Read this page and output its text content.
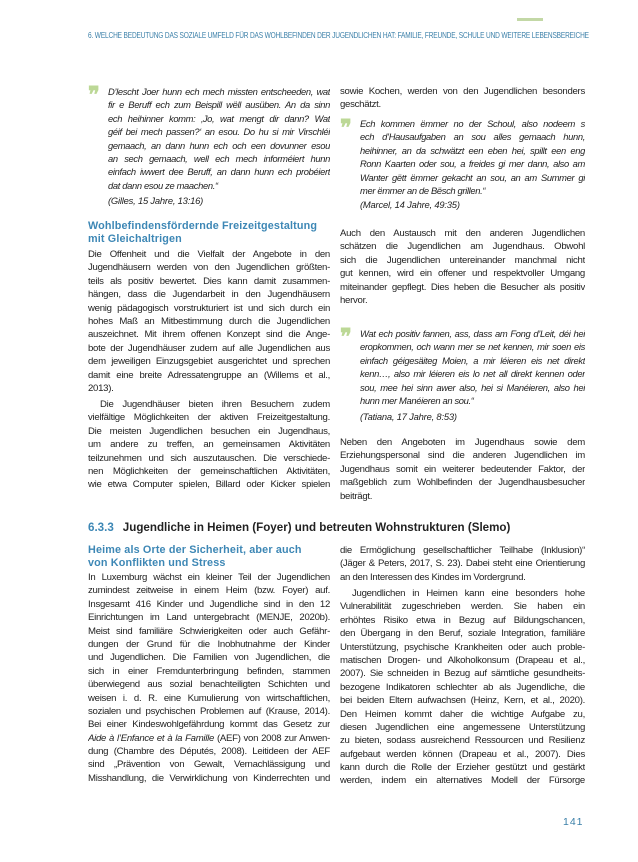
6. WELCHE BEDEUTUNG DAS SOZIALE UMFELD FÜR DAS WOHLBEFINDEN DER JUGENDLICHEN HAT: FAMILIE, FREUNDE, SCHULE UND WEITERE LEBENSBEREICHE
❞ D’lescht Joer hunn ech mech missten entscheeden, wat
fir e Beruff ech zum Beispill wëll ausüben. An da sinn
ech heihinner komm: ‚Jo, wat mengt dir dann? Wat
géif bei mech passen?‘ an esou. Do hu si mir Virschléi
gemaach, an dann hunn ech och een dovunner esou
an sech gemaach, well ech mech informéiert hunn
einfach iwwert dee Beruff, an dann hunn ech probéiert
dat dann esou ze maachen.“
(Gilles, 15 Jahre, 13:16)
Wohlbefindensfördernde Freizeitgestaltung
mit Gleichaltrigen
Die Offenheit und die Vielfalt der Angebote in den
Jugendhäusern werden von den Jugendlichen größten-
teils als positiv bewertet. Dies kann damit zusammen-
hängen, dass die Jugendarbeit in den Jugendhäusern
wenig pädagogisch vorstrukturiert ist und sich durch ein
hohes Maß an Mitbestimmung durch die Jugendlichen
auszeichnet. Mit ihrem offenen Konzept sind die Ange-
bote der Jugendhäuser zudem auf alle Jugendlichen aus
dem jeweiligen Einzugsgebiet ausgerichtet und sprechen
damit eine breite Adressatengruppe an (Willems et al.,
2013).
Die Jugendhäuser bieten ihren Besuchern zudem
vielfältige Möglichkeiten der aktiven Freizeitgestaltung.
Die meisten Jugendlichen besuchen ein Jugendhaus,
um andere zu treffen, an gemeinsamen Aktivitäten
teilzunehmen und sich auszutauschen. Die verschiede-
nen Möglichkeiten der gemeinschaftlichen Aktivitäten,
wie etwa Computer spielen, Billard oder Kicker spielen
sowie Kochen, werden von den Jugendlichen besonders
geschätzt.
❞ Ech kommen ëmmer no der Schoul, also nodeem s
ech d’Hausaufgaben an sou alles gemaach hunn,
heihinner, an da schwätzt een eben hei, spillt een eng
Ronn Kaarten oder sou, a freides gi mer dann, also am
Wanter gëtt ëmmer gekacht an sou, an am Summer gi
mer ëmmer an de Bësch grillen.“
(Marcel, 14 Jahre, 49:35)
Auch den Austausch mit den anderen Jugendlichen
schätzen die Jugendlichen am Jugendhaus. Obwohl
sich die Jugendlichen untereinander manchmal nicht
gut kennen, wird ein offener und respektvoller Umgang
miteinander gepflegt. Dies heben die Besucher als positiv
hervor.
❞ Wat ech positiv fannen, ass, dass am Fong d’Leit, déi hei
eropkommen, och wann mer se net kennen, mir soen eis
einfach géigesäiteg Moien, a mir léieren eis net direkt
kenn…, also mir léieren eis lo net all direkt kennen oder
sou, mee hei sinn awer also, hei si Manéieren, also hei
hunn mer Manéieren an sou.“
(Tatiana, 17 Jahre, 8:53)
Neben den Angeboten im Jugendhaus sowie dem
Erziehungspersonal sind die anderen Jugendlichen im
Jugendhaus somit ein weiterer bedeutender Faktor, der
maßgeblich zum Wohlbefinden der Jugendhausbesucher
beiträgt.
6.3.3 Jugendliche in Heimen (Foyer) und betreuten Wohnstrukturen (Slemo)
Heime als Orte der Sicherheit, aber auch
von Konflikten und Stress
In Luxemburg wächst ein kleiner Teil der Jugendlichen
zumindest zeitweise in einem Heim (bzw. Foyer) auf.
Insgesamt 416 Kinder und Jugendliche sind in den 12
Einrichtungen im Land untergebracht (MENJE, 2020b).
Meist sind familiäre Schwierigkeiten oder auch Gefähr-
dungen der Grund für die Inobhutnahme der Kinder
und Jugendlichen. Die Familien von Jugendlichen, die
sich in einer Fremdunterbringung befinden, stammen
überwiegend aus sozial benachteiligten Schichten und
weisen i. d. R. eine Kumulierung von wirtschaftlichen,
sozialen und psychischen Problemen auf (Krause, 2014).
Bei einer Kindeswohlgefährdung kommt das Gesetz zur
Aide à l’Enfance et à la Famille (AEF) von 2008 zur Anwen-
dung (Chambre des Députés, 2008). Leitideen der AEF
sind „Prävention von Gewalt, Vernachlässigung und
Misshandlung, die Verwirklichung von Kinderrechten und
die Ermöglichung gesellschaftlicher Teilhabe (Inklusion)“
(Jäger & Peters, 2017, S. 23). Dabei steht eine Orientierung
an den Interessen des Kindes im Vordergrund.
Jugendlichen in Heimen kann eine besonders hohe
Vulnerabilität zugeschrieben werden. Sie haben ein
erhöhtes Risiko etwa in Bezug auf Bildungschancen,
den Übergang in den Beruf, soziale Integration, familiäre
Unterstützung, psychische Krankheiten oder auch proble-
matischen Drogen- und Alkoholkonsum (Drapeau et al.,
2007). Sie schneiden in Bezug auf sämtliche gesundheits-
bezogene Indikatoren schlechter ab als Jugendliche, die
bei beiden Eltern aufwachsen (Heinz, Kern, et al., 2020).
Den Heimen kommt daher die wichtige Aufgabe zu,
diesen Jugendlichen eine angemessene Unterstützung
zu bieten, sodass ausreichend Ressourcen und Resilienz
aufgebaut werden können (Drapeau et al., 2007). Dies
kann durch die Rolle der Erzieher gestützt und gestärkt
werden, indem ein alternatives Modell der Fürsorge
141
